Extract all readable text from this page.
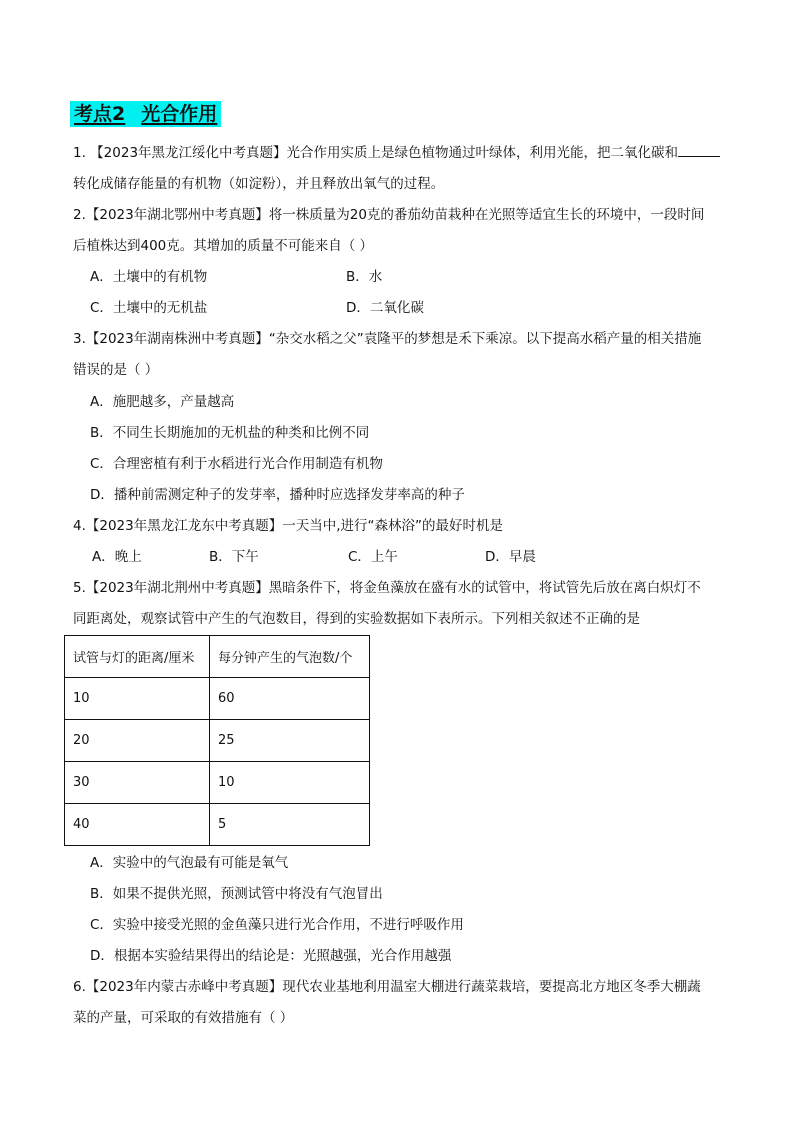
考点2 光合作用
1. 【2023年黑龙江绥化中考真题】光合作用实质上是绿色植物通过叶绿体，利用光能，把二氧化碳和
转化成储存能量的有机物（如淀粉），并且释放出氧气的过程。
2.【2023年湖北鄂州中考真题】将一株质量为20克的番茄幼苗栽种在光照等适宜生长的环境中，一段时间
后植株达到400克。其增加的质量不可能来自（ ）
A．土壤中的有机物	B．水
C．土壤中的无机盐	D．二氧化碳
3.【2023年湖南株洲中考真题】“杂交水稻之父”袁隆平的梦想是禾下乘凉。以下提高水稻产量的相关措施
错误的是（ ）
A．施肥越多，产量越高
B．不同生长期施加的无机盐的种类和比例不同
C．合理密植有利于水稻进行光合作用制造有机物
D．播种前需测定种子的发芽率，播种时应选择发芽率高的种子
4.【2023年黑龙江龙东中考真题】一天当中,进行“森林浴”的最好时机是
A．晚上	B．下午	C．上午	D．早晨
5.【2023年湖北荆州中考真题】黑暗条件下，将金鱼藻放在盛有水的试管中，将试管先后放在离白炽灯不
同距离处，观察试管中产生的气泡数目，得到的实验数据如下表所示。下列相关叙述不正确的是
试管与灯的距离/厘米	每分钟产生的气泡数/个
10	60
20	25
30	10
40	5
A．实验中的气泡最有可能是氧气
B．如果不提供光照，预测试管中将没有气泡冒出
C．实验中接受光照的金鱼藻只进行光合作用，不进行呼吸作用
D．根据本实验结果得出的结论是：光照越强，光合作用越强
6.【2023年内蒙古赤峰中考真题】现代农业基地利用温室大棚进行蔬菜栽培，要提高北方地区冬季大棚蔬
菜的产量，可采取的有效措施有（ ）
